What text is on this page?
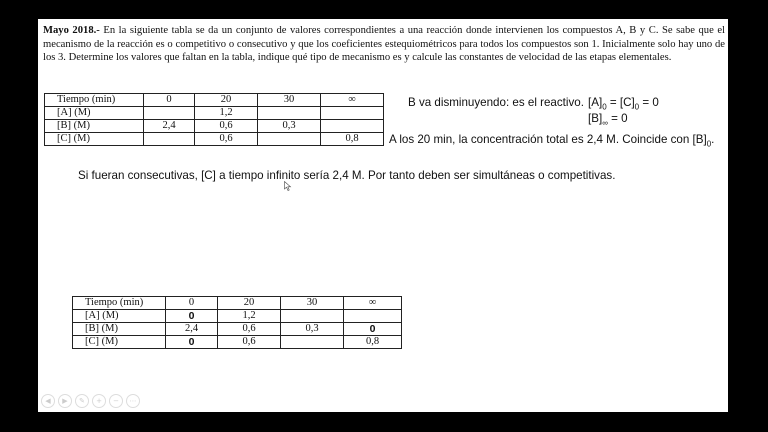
Mayo 2018.- En la siguiente tabla se da un conjunto de valores correspondientes a una reacción donde intervienen los compuestos A, B y C. Se sabe que el mecanismo de la reacción es o competitivo o consecutivo y que los coeficientes estequiométricos para todos los compuestos son 1. Inicialmente solo hay uno de los 3. Determine los valores que faltan en la tabla, indique qué tipo de mecanismo es y calcule las constantes de velocidad de las etapas elementales.

Tiempo (min)	0	20	30	∞
[A] (M)		1,2		
[B] (M)	2,4	0,6	0,3	
[C] (M)		0,6		0,8

B va disminuyendo: es el reactivo. $[A]_0 = [C]_0 = 0$

$[B]_\infty = 0$

A los 20 min, la concentración total es 2,4 M. Coincide con $[B]_0$.

Si fueran consecutivas, [C] a tiempo infinito sería 2,4 M. Por tanto deben ser simultáneas o competitivas.

Tiempo (min)	0	20	30	∞
[A] (M)	0	1,2		
[B] (M)	2,4	0,6	0,3	0
[C] (M)	0	0,6		0,8
◀	▶	✎	+	−	⋯
